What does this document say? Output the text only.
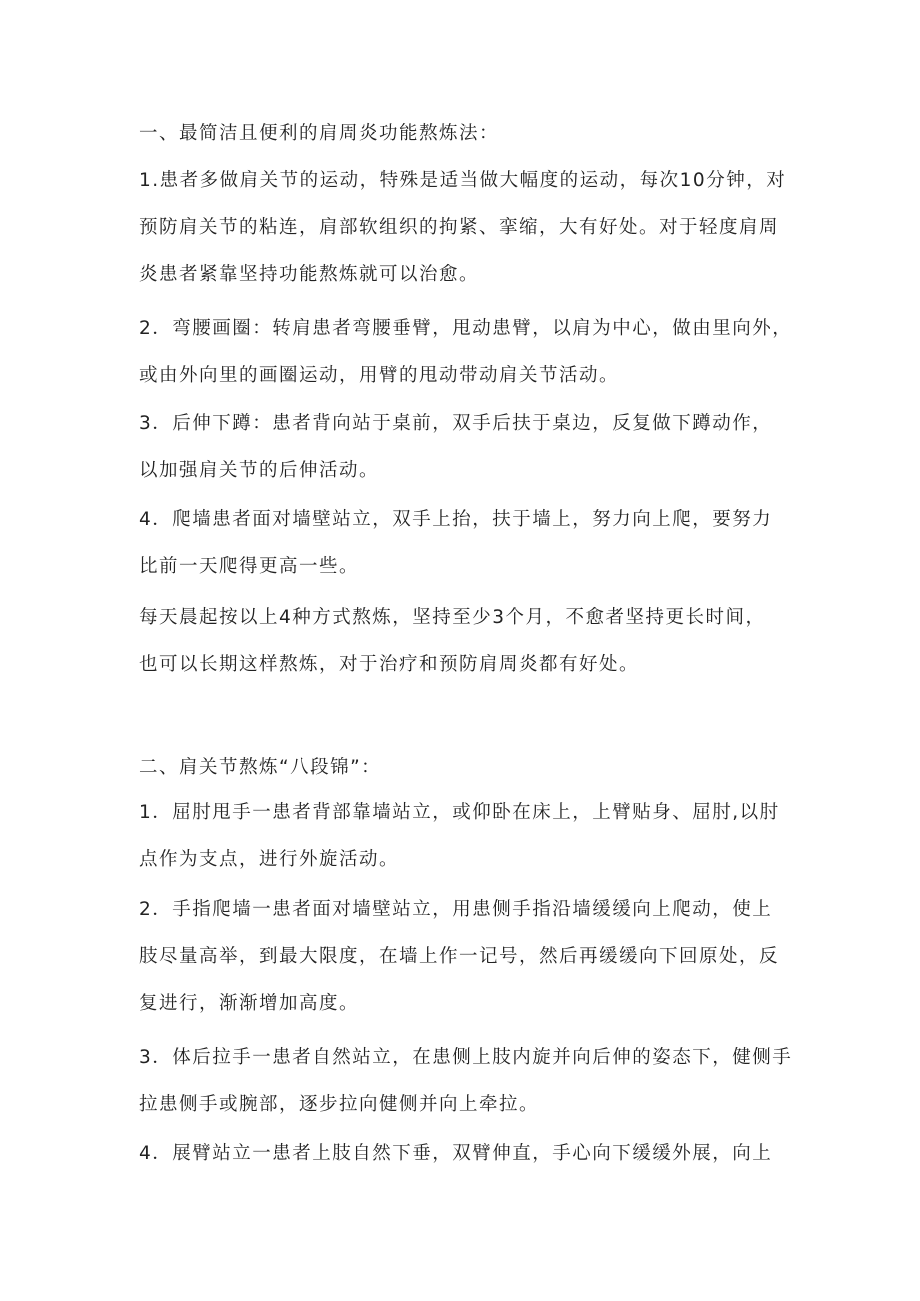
一、最简洁且便利的肩周炎功能熬炼法：

1.患者多做肩关节的运动，特殊是适当做大幅度的运动，每次10分钟，对
预防肩关节的粘连，肩部软组织的拘紧、挛缩，大有好处。对于轻度肩周
炎患者紧靠坚持功能熬炼就可以治愈。

2．弯腰画圈：转肩患者弯腰垂臂，甩动患臂，以肩为中心，做由里向外，
或由外向里的画圈运动，用臂的甩动带动肩关节活动。

3．后伸下蹲：患者背向站于桌前，双手后扶于桌边，反复做下蹲动作，
以加强肩关节的后伸活动。

4．爬墙患者面对墙壁站立，双手上抬，扶于墙上，努力向上爬，要努力
比前一天爬得更高一些。

每天晨起按以上4种方式熬炼，坚持至少3个月，不愈者坚持更长时间，
也可以长期这样熬炼，对于治疗和预防肩周炎都有好处。

二、肩关节熬炼“八段锦”：

1．屈肘甩手一患者背部靠墙站立，或仰卧在床上，上臂贴身、屈肘,以肘
点作为支点，进行外旋活动。

2．手指爬墙一患者面对墙壁站立，用患侧手指沿墙缓缓向上爬动，使上
肢尽量高举，到最大限度，在墙上作一记号，然后再缓缓向下回原处，反
复进行，渐渐增加高度。

3．体后拉手一患者自然站立，在患侧上肢内旋并向后伸的姿态下，健侧手
拉患侧手或腕部，逐步拉向健侧并向上牵拉。

4．展臂站立一患者上肢自然下垂，双臂伸直，手心向下缓缓外展，向上
